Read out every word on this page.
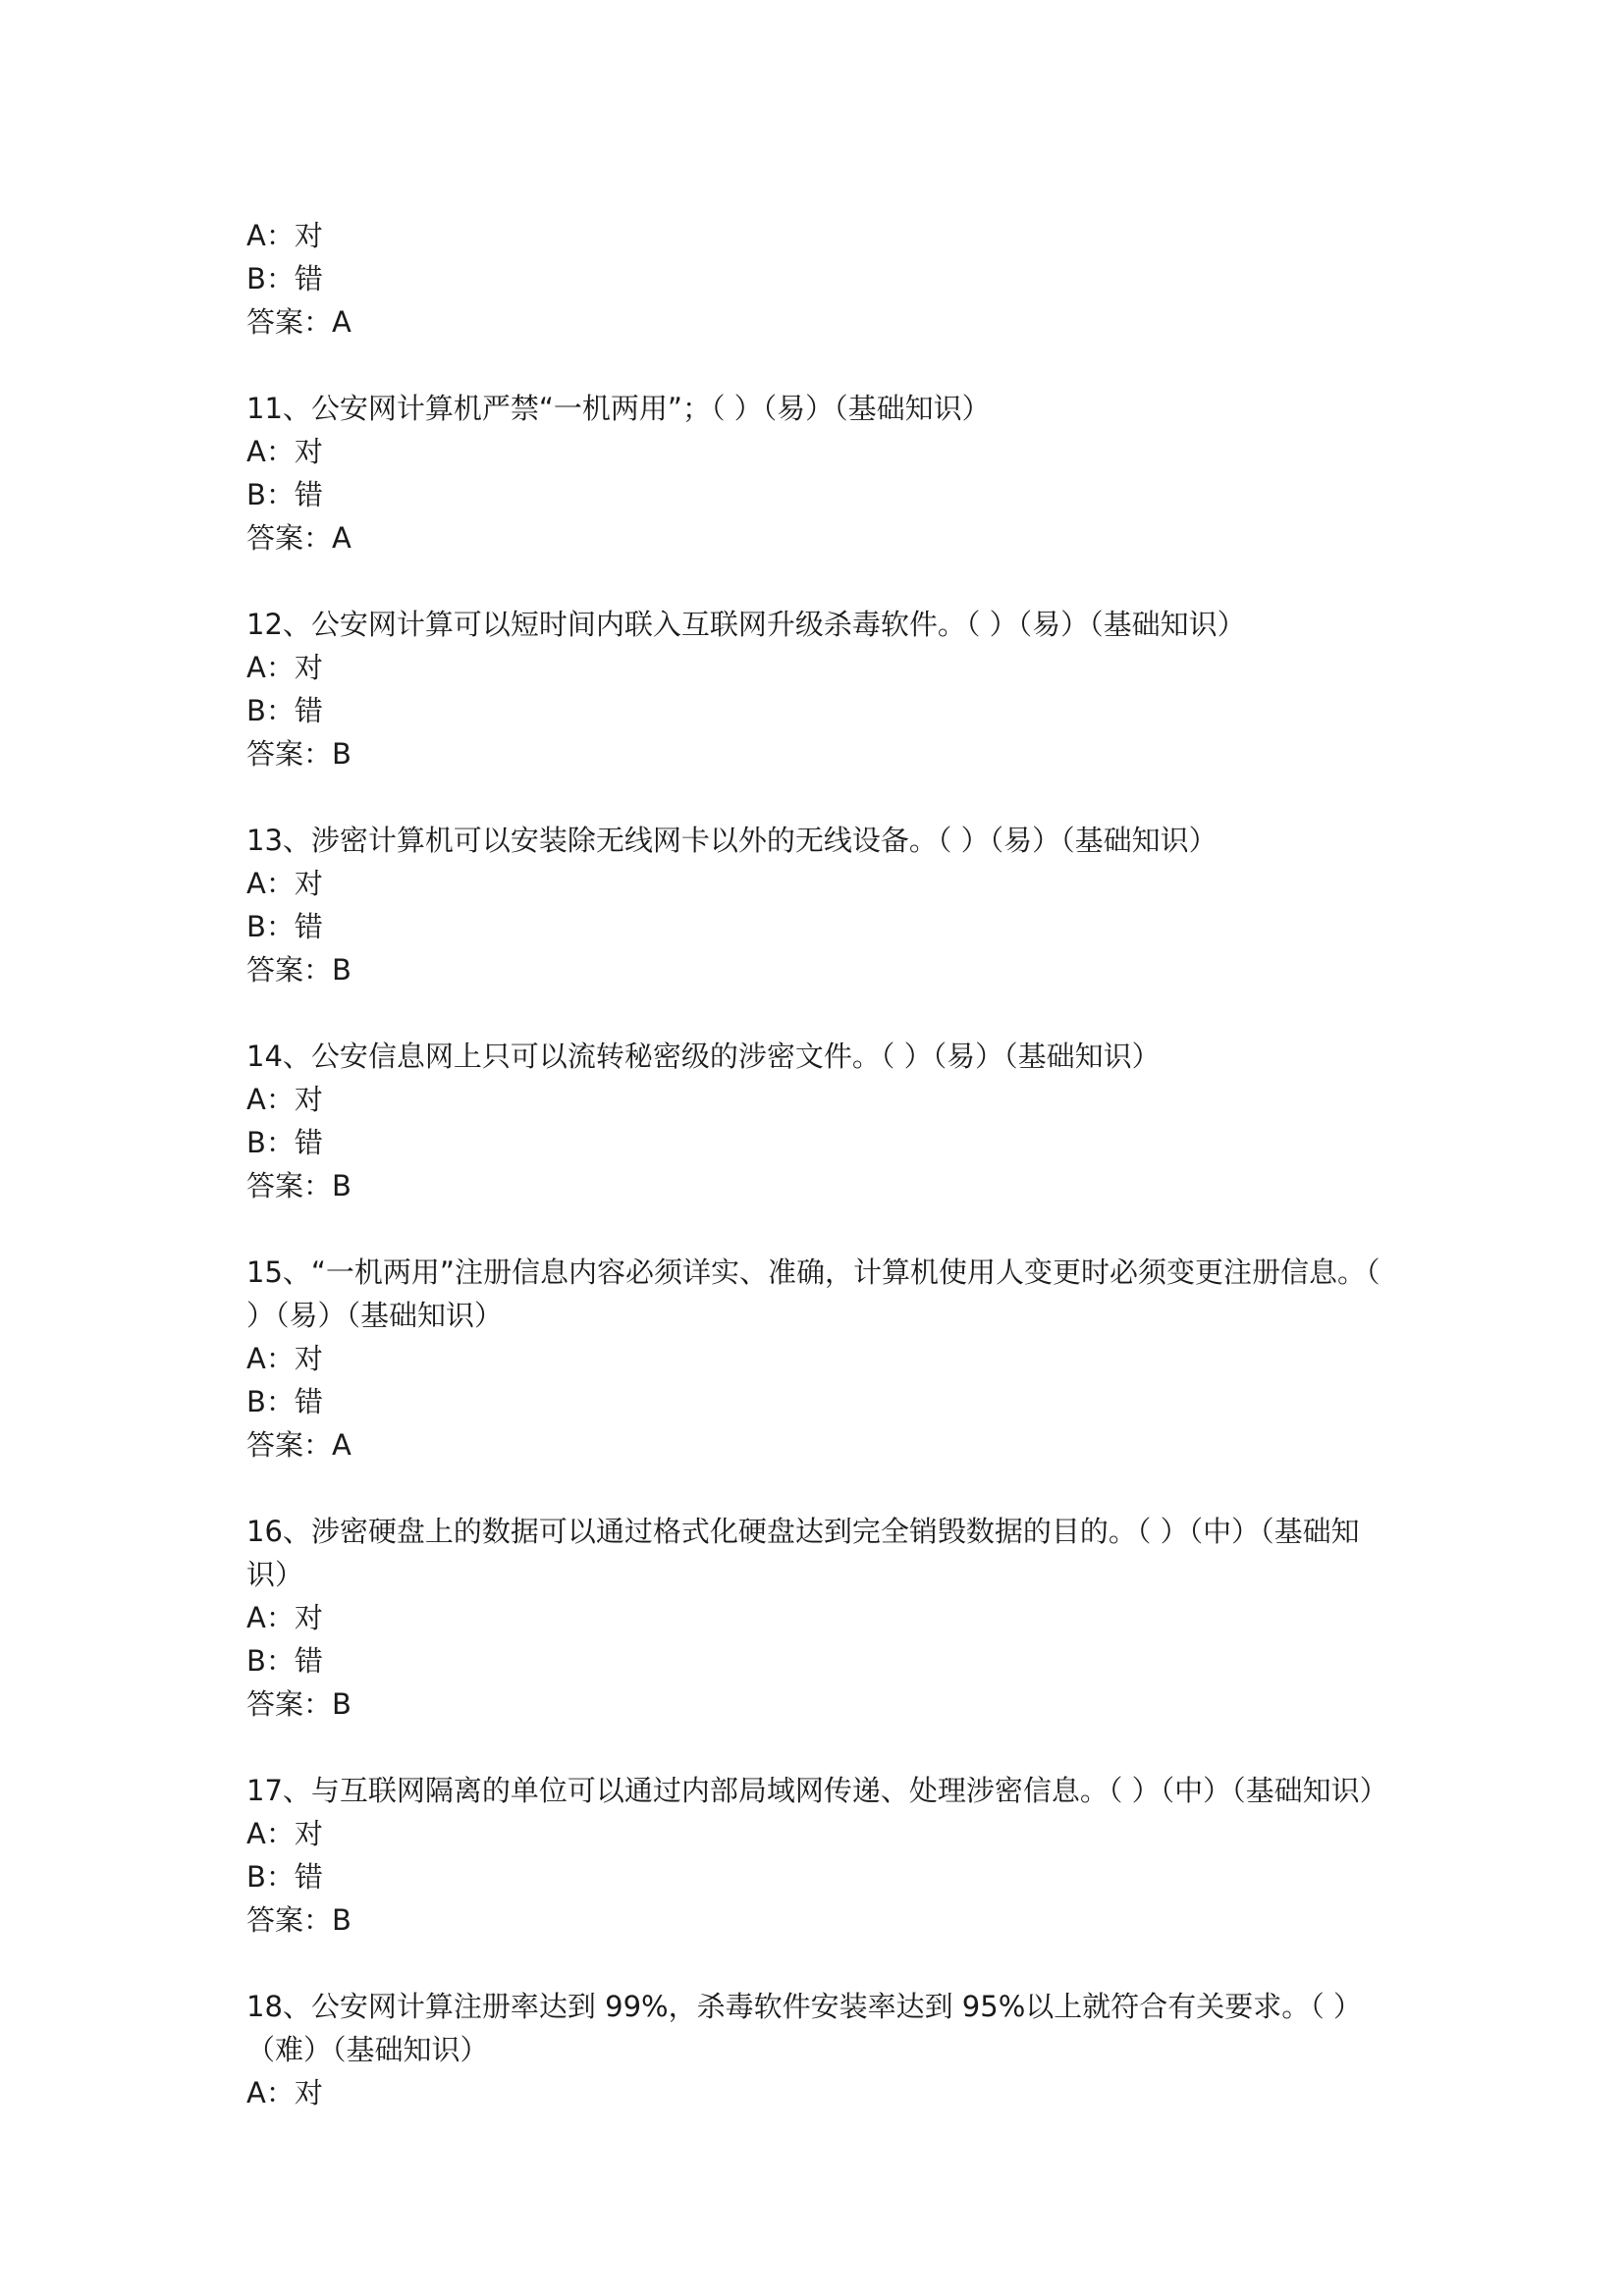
A：对
B：错
答案：A
11、公安网计算机严禁“一机两用”；（ ）（易）（基础知识）
A：对
B：错
答案：A
12、公安网计算可以短时间内联入互联网升级杀毒软件。（ ）（易）（基础知识）
A：对
B：错
答案：B
13、涉密计算机可以安装除无线网卡以外的无线设备。（ ）（易）（基础知识）
A：对
B：错
答案：B
14、公安信息网上只可以流转秘密级的涉密文件。（ ）（易）（基础知识）
A：对
B：错
答案：B
15、“一机两用”注册信息内容必须详实、准确，计算机使用人变更时必须变更注册信息。（
）（易）（基础知识）
A：对
B：错
答案：A
16、涉密硬盘上的数据可以通过格式化硬盘达到完全销毁数据的目的。（ ）（中）（基础知
识）
A：对
B：错
答案：B
17、与互联网隔离的单位可以通过内部局域网传递、处理涉密信息。（ ）（中）（基础知识）
A：对
B：错
答案：B
18、公安网计算注册率达到 99%，杀毒软件安装率达到 95%以上就符合有关要求。（ ）
（难）（基础知识）
A：对
